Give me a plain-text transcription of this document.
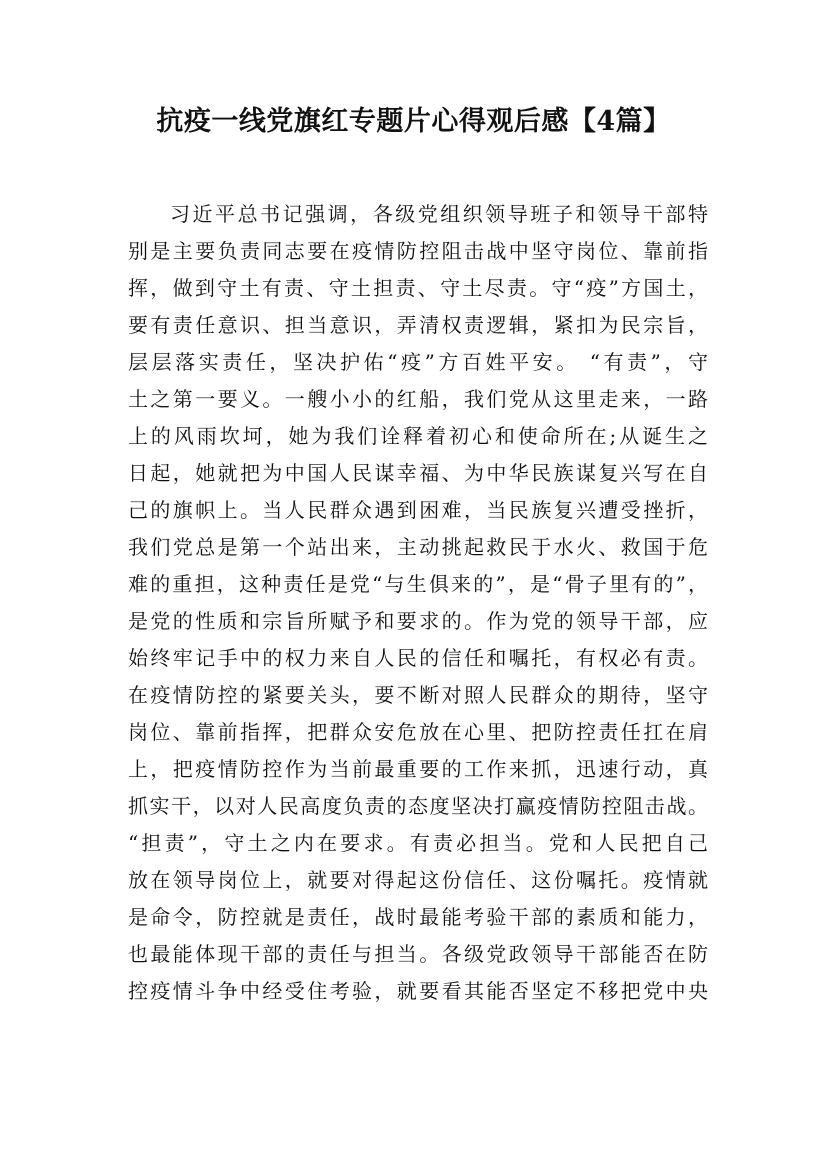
抗疫一线党旗红专题片心得观后感【4篇】
习近平总书记强调，各级党组织领导班子和领导干部特
别是主要负责同志要在疫情防控阻击战中坚守岗位、靠前指
挥，做到守土有责、守土担责、守土尽责。守“疫”方国土，
要有责任意识、担当意识，弄清权责逻辑，紧扣为民宗旨，
层层落实责任，坚决护佑“疫”方百姓平安。 “有责”，守
土之第一要义。一艘小小的红船，我们党从这里走来，一路
上的风雨坎坷，她为我们诠释着初心和使命所在;从诞生之
日起，她就把为中国人民谋幸福、为中华民族谋复兴写在自
己的旗帜上。当人民群众遇到困难，当民族复兴遭受挫折，
我们党总是第一个站出来，主动挑起救民于水火、救国于危
难的重担，这种责任是党“与生俱来的”，是“骨子里有的”，
是党的性质和宗旨所赋予和要求的。作为党的领导干部，应
始终牢记手中的权力来自人民的信任和嘱托，有权必有责。
在疫情防控的紧要关头，要不断对照人民群众的期待，坚守
岗位、靠前指挥，把群众安危放在心里、把防控责任扛在肩
上，把疫情防控作为当前最重要的工作来抓，迅速行动，真
抓实干，以对人民高度负责的态度坚决打赢疫情防控阻击战。
“担责”，守土之内在要求。有责必担当。党和人民把自己
放在领导岗位上，就要对得起这份信任、这份嘱托。疫情就
是命令，防控就是责任，战时最能考验干部的素质和能力，
也最能体现干部的责任与担当。各级党政领导干部能否在防
控疫情斗争中经受住考验，就要看其能否坚定不移把党中央
